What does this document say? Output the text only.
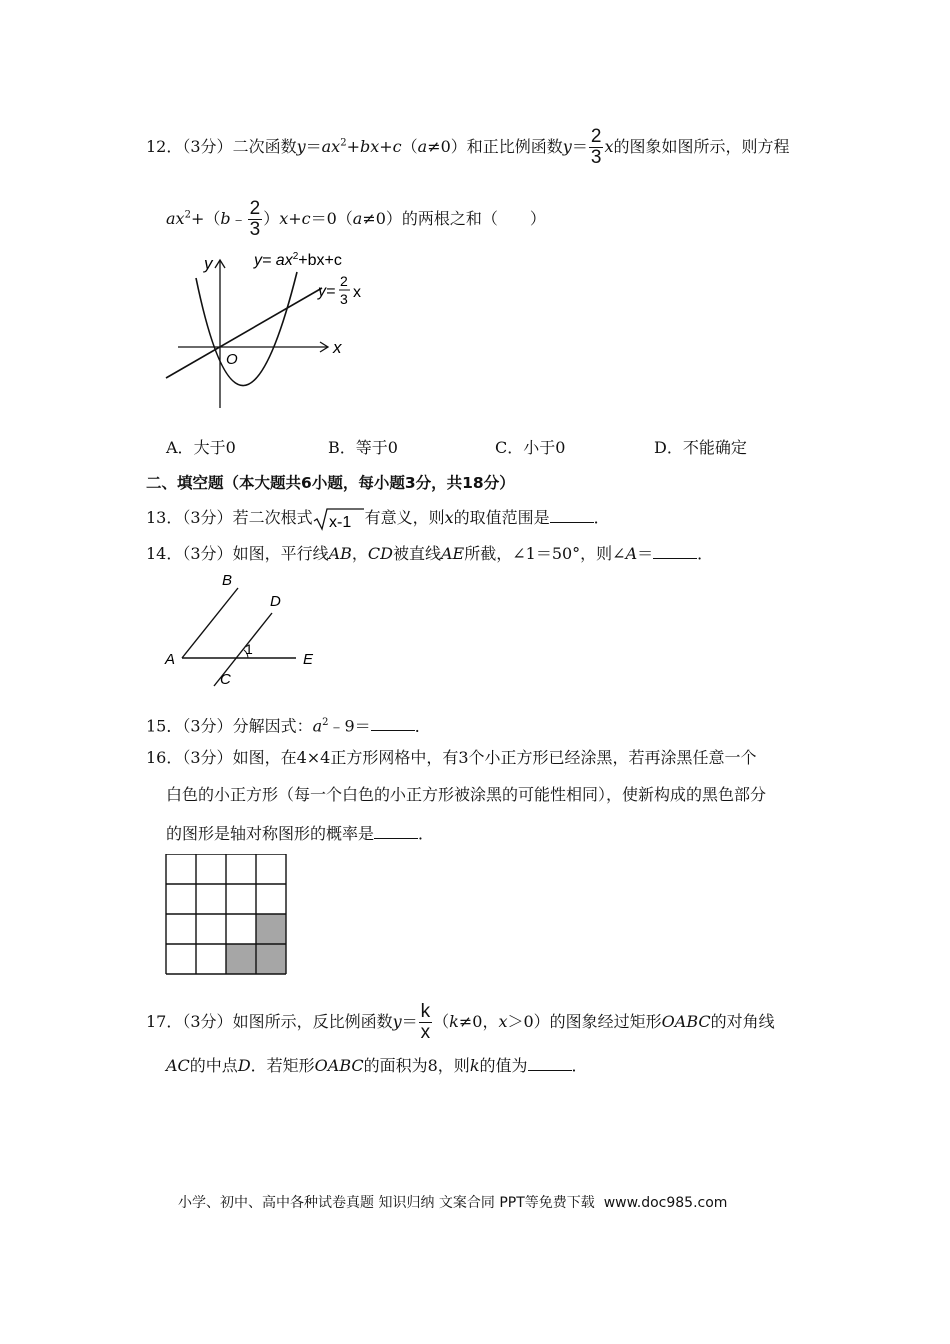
12．（3分）二次函数$y=ax^2+bx+c(a\ne 0)$和正比例函数$y= \frac{2}{3}$ x的图象如图所示，则方程
$ax^2+(b﹣ \frac{2}{3} )x+c=0(a\ne 0)$的两根之和（　　）
y
x
O
$y= ax^2+bx+c$
y=
2
3 x
A．大于0	B．等于0	C．小于0	D．不能确定
二、填空题（本大题共6小题，每小题3分，共18分）
13．（3分）若二次根式 x-1 有意义，则x的取值范围是	．
14．（3分）如图，平行线AB，CD被直线AE所截，∠1＝50°，则∠A＝	．
B
D
A	E
C
1
15．（3分）分解因式：$a^2﹣9=$	．
16．（3分）如图，在4×4正方形网格中，有3个小正方形已经涂黑，若再涂黑任意一个
白色的小正方形（每一个白色的小正方形被涂黑的可能性相同），使新构成的黑色部分
的图形是轴对称图形的概率是	．
17．（3分）如图所示，反比例函数$y= \frac{k}{x} (k\ne 0$，x＞0）的图象经过矩形OABC的对角线
AC的中点D．若矩形OABC的面积为8，则k的值为	．
小学、初中、高中各种试卷真题 知识归纳 文案合同 PPT等免费下载 www.doc985.com
